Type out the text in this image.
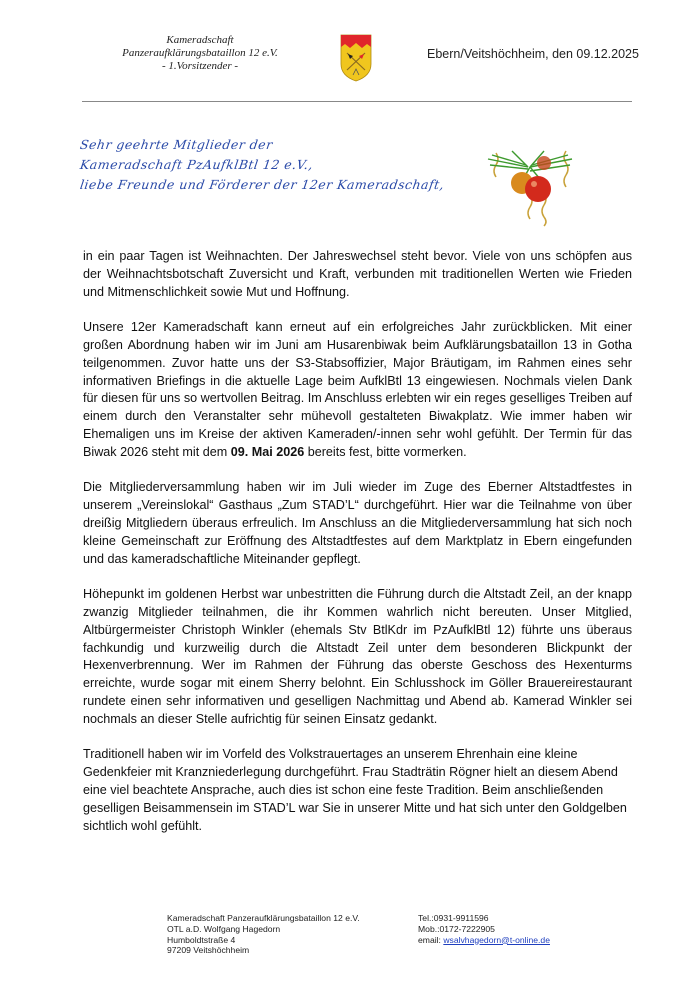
Kameradschaft
Panzeraufklärungsbataillon 12 e.V.
- 1.Vorsitzender -
Ebern/Veitshöchheim, den 09.12.2025
Sehr geehrte Mitglieder der
Kameradschaft PzAufklBtl 12 e.V.,
liebe Freunde und Förderer der 12er Kameradschaft,

in ein paar Tagen ist Weihnachten. Der Jahreswechsel steht bevor. Viele von uns schöpfen aus der Weihnachtsbotschaft Zuversicht und Kraft, verbunden mit traditionellen Werten wie Frieden und Mitmenschlichkeit sowie Mut und Hoffnung.

Unsere 12er Kameradschaft kann erneut auf ein erfolgreiches Jahr zurückblicken. Mit einer großen Abordnung haben wir im Juni am Husarenbiwak beim Aufklärungsbataillon 13 in Gotha teilgenommen. Zuvor hatte uns der S3-Stabsoffizier, Major Bräutigam, im Rahmen eines sehr informativen Briefings in die aktuelle Lage beim AufklBtl 13 eingewiesen. Nochmals vielen Dank für diesen für uns so wertvollen Beitrag. Im Anschluss erlebten wir ein reges geselliges Treiben auf einem durch den Veranstalter sehr mühevoll gestalteten Biwakplatz. Wie immer haben wir Ehemaligen uns im Kreise der aktiven Kameraden/-innen sehr wohl gefühlt. Der Termin für das Biwak 2026 steht mit dem 09. Mai 2026 bereits fest, bitte vormerken.

Die Mitgliederversammlung haben wir im Juli wieder im Zuge des Eberner Altstadtfestes in unserem „Vereinslokal“ Gasthaus „Zum STAD’L“ durchgeführt. Hier war die Teilnahme von über dreißig Mitgliedern überaus erfreulich. Im Anschluss an die Mitgliederversammlung hat sich noch kleine Gemeinschaft zur Eröffnung des Altstadtfestes auf dem Marktplatz in Ebern eingefunden und das kameradschaftliche Miteinander gepflegt.

Höhepunkt im goldenen Herbst war unbestritten die Führung durch die Altstadt Zeil, an der knapp zwanzig Mitglieder teilnahmen, die ihr Kommen wahrlich nicht bereuten. Unser Mitglied, Altbürgermeister Christoph Winkler (ehemals Stv BtlKdr im PzAufklBtl 12) führte uns überaus fachkundig und kurzweilig durch die Altstadt Zeil unter dem besonderen Blickpunkt der Hexenverbrennung. Wer im Rahmen der Führung das oberste Geschoss des Hexenturms erreichte, wurde sogar mit einem Sherry belohnt. Ein Schlusshock im Göller Brauereirestaurant rundete einen sehr informativen und geselligen Nachmittag und Abend ab. Kamerad Winkler sei nochmals an dieser Stelle aufrichtig für seinen Einsatz gedankt.

Traditionell haben wir im Vorfeld des Volkstrauertages an unserem Ehrenhain eine kleine Gedenkfeier mit Kranzniederlegung durchgeführt. Frau Stadträtin Rögner hielt an diesem Abend eine viel beachtete Ansprache, auch dies ist schon eine feste Tradition. Beim anschließenden geselligen Beisammensein im STAD’L war Sie in unserer Mitte und hat sich unter den Goldgelben sichtlich wohl gefühlt.

Kameradschaft Panzeraufklärungsbataillon 12 e.V.
OTL a.D. Wolfgang Hagedorn
Humboldtstraße 4
97209 Veitshöchheim
Tel.:0931-9911596
Mob.:0172-7222905
email: wsalvhagedorn@t-online.de
